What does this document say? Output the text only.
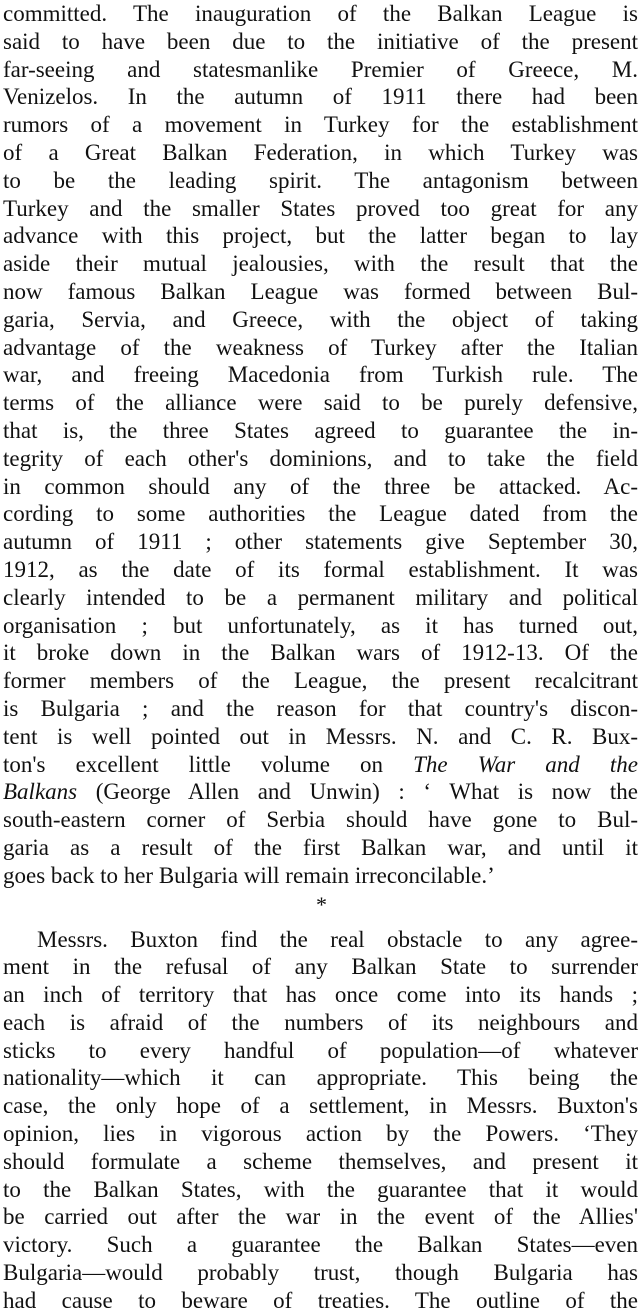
committed. The inauguration of the Balkan League is
said to have been due to the initiative of the present
far-seeing and statesmanlike Premier of Greece, M.
Venizelos. In the autumn of 1911 there had been
rumors of a movement in Turkey for the establishment
of a Great Balkan Federation, in which Turkey was
to be the leading spirit. The antagonism between
Turkey and the smaller States proved too great for any
advance with this project, but the latter began to lay
aside their mutual jealousies, with the result that the
now famous Balkan League was formed between Bul-
garia, Servia, and Greece, with the object of taking
advantage of the weakness of Turkey after the Italian
war, and freeing Macedonia from Turkish rule. The
terms of the alliance were said to be purely defensive,
that is, the three States agreed to guarantee the in-
tegrity of each other's dominions, and to take the field
in common should any of the three be attacked. Ac-
cording to some authorities the League dated from the
autumn of 1911 ; other statements give September 30,
1912, as the date of its formal establishment. It was
clearly intended to be a permanent military and political
organisation ; but unfortunately, as it has turned out,
it broke down in the Balkan wars of 1912-13. Of the
former members of the League, the present recalcitrant
is Bulgaria ; and the reason for that country's discon-
tent is well pointed out in Messrs. N. and C. R. Bux-
ton's excellent little volume on The War and the
Balkans (George Allen and Unwin) : ‘ What is now the
south-eastern corner of Serbia should have gone to Bul-
garia as a result of the first Balkan war, and until it
goes back to her Bulgaria will remain irreconcilable.’
*
Messrs. Buxton find the real obstacle to any agree-
ment in the refusal of any Balkan State to surrender
an inch of territory that has once come into its hands ;
each is afraid of the numbers of its neighbours and
sticks to every handful of population—of whatever
nationality—which it can appropriate. This being the
case, the only hope of a settlement, in Messrs. Buxton's
opinion, lies in vigorous action by the Powers. ‘They
should formulate a scheme themselves, and present it
to the Balkan States, with the guarantee that it would
be carried out after the war in the event of the Allies'
victory. Such a guarantee the Balkan States—even
Bulgaria—would probably trust, though Bulgaria has
had cause to beware of treaties. The outline of the
